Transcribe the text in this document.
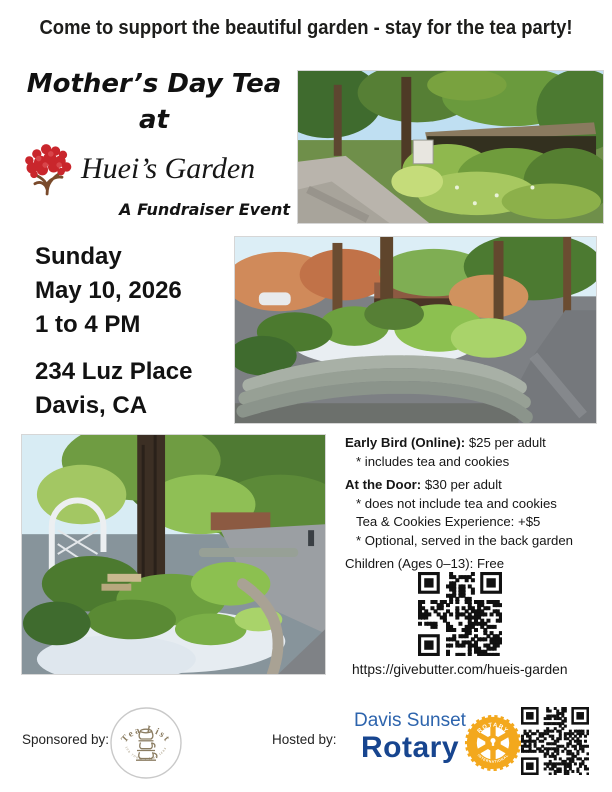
Come to support the beautiful garden - stay for the tea party!
Mother’s Day Tea
at
Huei’s Garden
A Fundraiser Event
Sunday
May 10, 2026
1 to 4 PM
234 Luz Place
Davis, CA
Early Bird (Online): $25 per adult
* includes tea and cookies
At the Door: $30 per adult
* does not include tea and cookies
Tea & Cookies Experience: +$5
* Optional, served in the back garden
Children (Ages 0–13): Free
https://givebutter.com/hueis-garden
Sponsored by: Tea List
tea room • fine teas
Hosted by:
Davis Sunset
Rotary
ROTARY
INTERNATIONAL
